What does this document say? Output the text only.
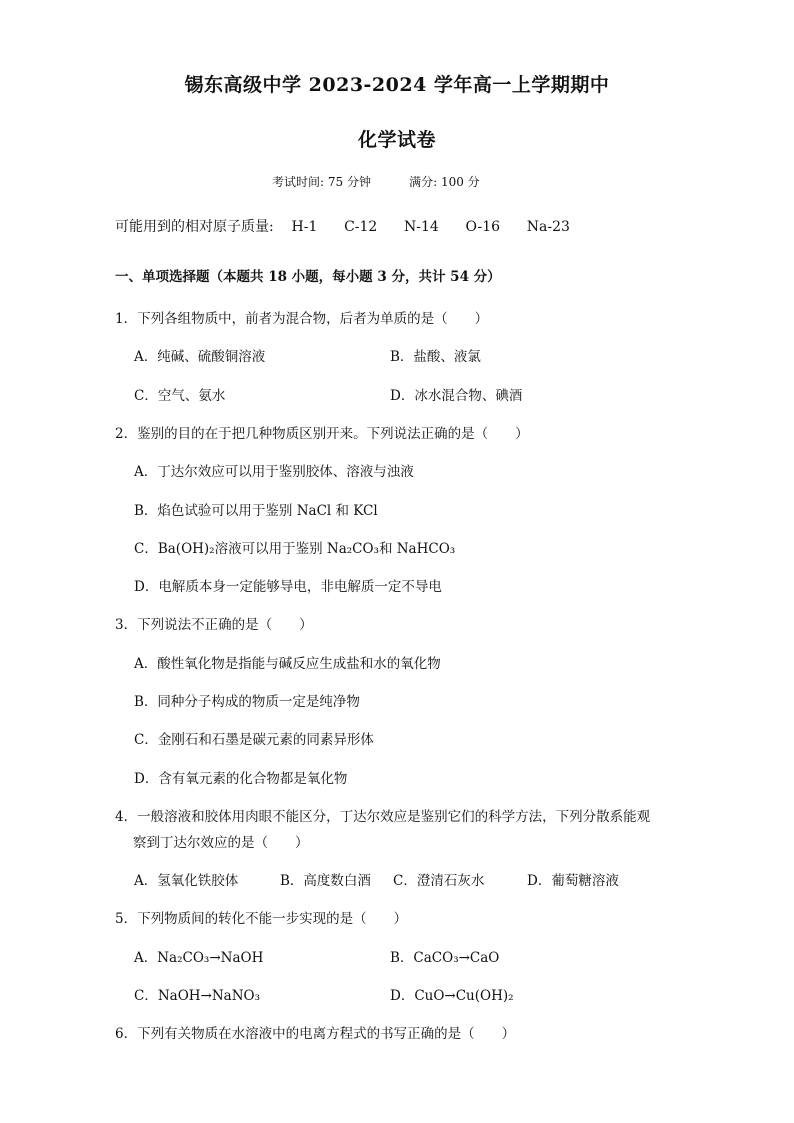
锡东高级中学 2023-2024 学年高一上学期期中
化学试卷
考试时间: 75 分钟          满分: 100 分
可能用到的相对原子质量:    H-1      C-12      N-14      O-16      Na-23
一、单项选择题（本题共 18 小题，每小题 3 分，共计 54 分）
1．下列各组物质中，前者为混合物，后者为单质的是（　　）
A．纯碱、硫酸铜溶液	B．盐酸、液氯
C．空气、氨水	D．冰水混合物、碘酒
2．鉴别的目的在于把几种物质区别开来。下列说法正确的是（　　）
A．丁达尔效应可以用于鉴别胶体、溶液与浊液
B．焰色试验可以用于鉴别 NaCl 和 KCl
C．Ba(OH)₂溶液可以用于鉴别 Na₂CO₃和 NaHCO₃
D．电解质本身一定能够导电，非电解质一定不导电
3．下列说法不正确的是（　　）
A．酸性氧化物是指能与碱反应生成盐和水的氧化物
B．同种分子构成的物质一定是纯净物
C．金刚石和石墨是碳元素的同素异形体
D．含有氧元素的化合物都是氧化物
4．一般溶液和胶体用肉眼不能区分，丁达尔效应是鉴别它们的科学方法，下列分散系能观
察到丁达尔效应的是（　　）
A．氢氧化铁胶体	B．高度数白酒 C．澄清石灰水	D．葡萄糖溶液
5．下列物质间的转化不能一步实现的是（　　）
A．Na₂CO₃→NaOH	B．CaCO₃→CaO
C．NaOH→NaNO₃	D．CuO→Cu(OH)₂
6．下列有关物质在水溶液中的电离方程式的书写正确的是（　　）
